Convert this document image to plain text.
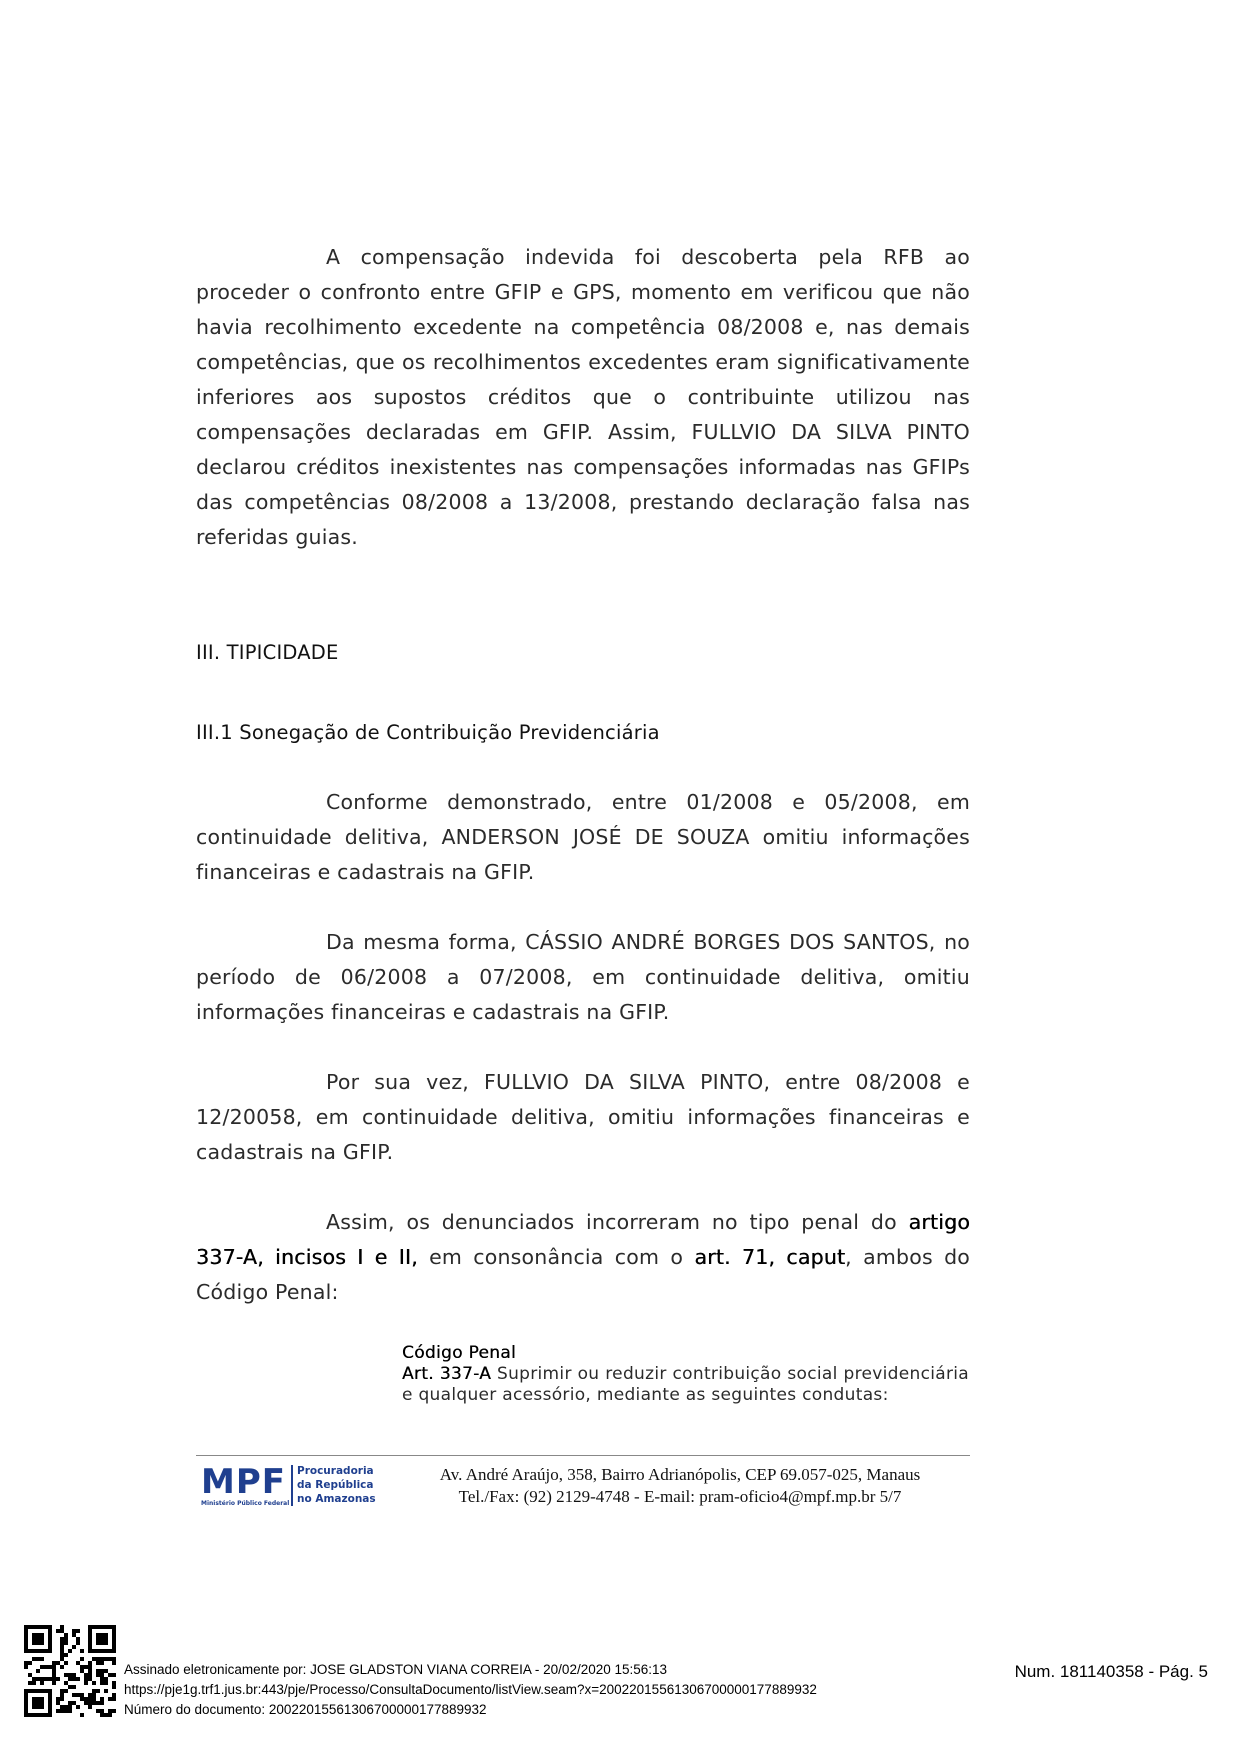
A compensação indevida foi descoberta pela RFB ao proceder o confronto entre GFIP e GPS, momento em verificou que não havia recolhimento excedente na competência 08/2008 e, nas demais competências, que os recolhimentos excedentes eram significativamente inferiores aos supostos créditos que o contribuinte utilizou nas compensações declaradas em GFIP. Assim, FULLVIO DA SILVA PINTO declarou créditos inexistentes nas compensações informadas nas GFIPs das competências 08/2008 a 13/2008, prestando declaração falsa nas referidas guias.

III. TIPICIDADE

III.1 Sonegação de Contribuição Previdenciária

Conforme demonstrado, entre 01/2008 e 05/2008, em continuidade delitiva, ANDERSON JOSÉ DE SOUZA omitiu informações financeiras e cadastrais na GFIP.

Da mesma forma, CÁSSIO ANDRÉ BORGES DOS SANTOS, no período de 06/2008 a 07/2008, em continuidade delitiva, omitiu informações financeiras e cadastrais na GFIP.

Por sua vez, FULLVIO DA SILVA PINTO, entre 08/2008 e 12/20058, em continuidade delitiva, omitiu informações financeiras e cadastrais na GFIP.

Assim, os denunciados incorreram no tipo penal do artigo 337-A, incisos I e II, em consonância com o art. 71, caput, ambos do Código Penal:

Código Penal

Art. 337-A Suprimir ou reduzir contribuição social previdenciária e qualquer acessório, mediante as seguintes condutas:

MPF
Ministério Público Federal
Procuradoria
da República
no Amazonas
Av. André Araújo, 358, Bairro Adrianópolis, CEP 69.057-025, Manaus
Tel./Fax: (92) 2129-4748 - E-mail: pram-oficio4@mpf.mp.br 5/7
Assinado eletronicamente por: JOSE GLADSTON VIANA CORREIA - 20/02/2020 15:56:13
https://pje1g.trf1.jus.br:443/pje/Processo/ConsultaDocumento/listView.seam?x=20022015561306700000177889932
Número do documento: 20022015561306700000177889932
Num. 181140358 - Pág. 5
